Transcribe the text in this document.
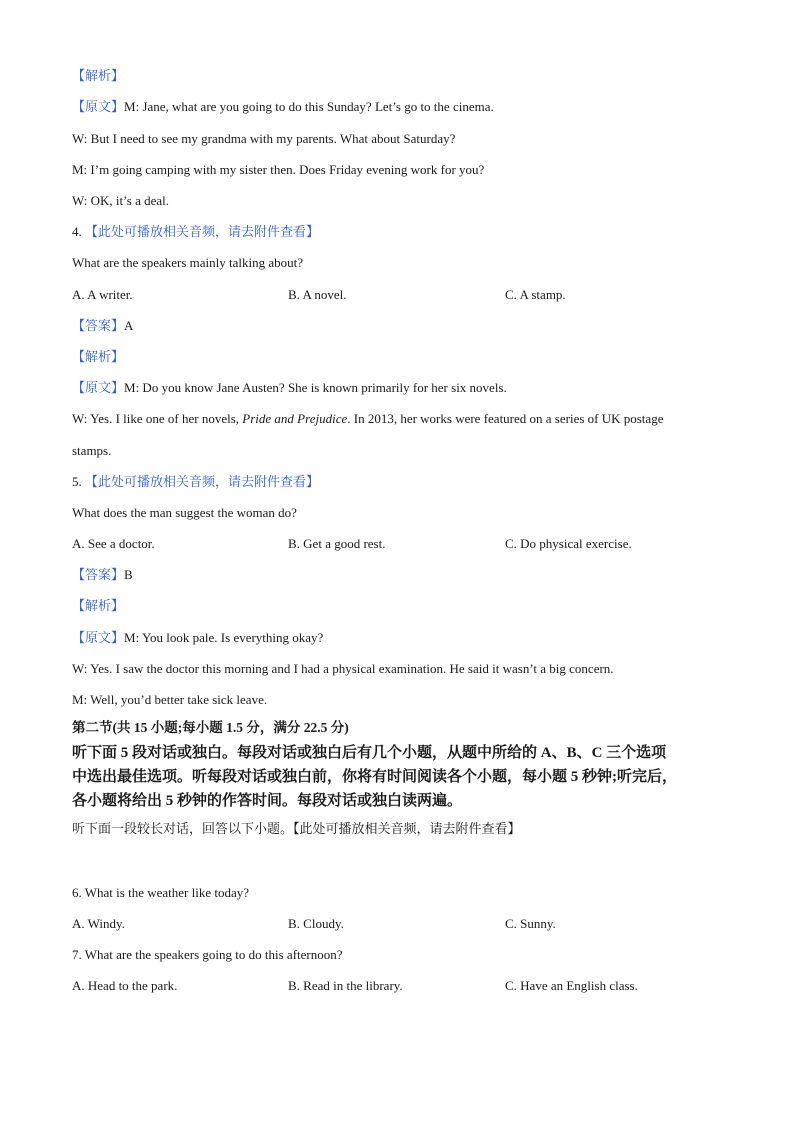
【解析】
【原文】M: Jane, what are you going to do this Sunday? Let’s go to the cinema.
W: But I need to see my grandma with my parents. What about Saturday?
M: I’m going camping with my sister then. Does Friday evening work for you?
W: OK, it’s a deal.
4. 【此处可播放相关音频，请去附件查看】
What are the speakers mainly talking about?
A. A writer.	B. A novel.	C. A stamp.
【答案】A
【解析】
【原文】M: Do you know Jane Austen? She is known primarily for her six novels.
W: Yes. I like one of her novels, Pride and Prejudice. In 2013, her works were featured on a series of UK postage
stamps.
5. 【此处可播放相关音频，请去附件查看】
What does the man suggest the woman do?
A. See a doctor.	B. Get a good rest.	C. Do physical exercise.
【答案】B
【解析】
【原文】M: You look pale. Is everything okay?
W: Yes. I saw the doctor this morning and I had a physical examination. He said it wasn’t a big concern.
M: Well, you’d better take sick leave.
第二节(共 15 小题;每小题 1.5 分，满分 22.5 分)
听下面 5 段对话或独白。每段对话或独白后有几个小题，从题中所给的 A、B、C 三个选项
中选出最佳选项。听每段对话或独白前，你将有时间阅读各个小题，每小题 5 秒钟;听完后，
各小题将给出 5 秒钟的作答时间。每段对话或独白读两遍。
听下面一段较长对话，回答以下小题。【此处可播放相关音频，请去附件查看】
6. What is the weather like today?
A. Windy.	B. Cloudy.	C. Sunny.
7. What are the speakers going to do this afternoon?
A. Head to the park.	B. Read in the library.	C. Have an English class.
